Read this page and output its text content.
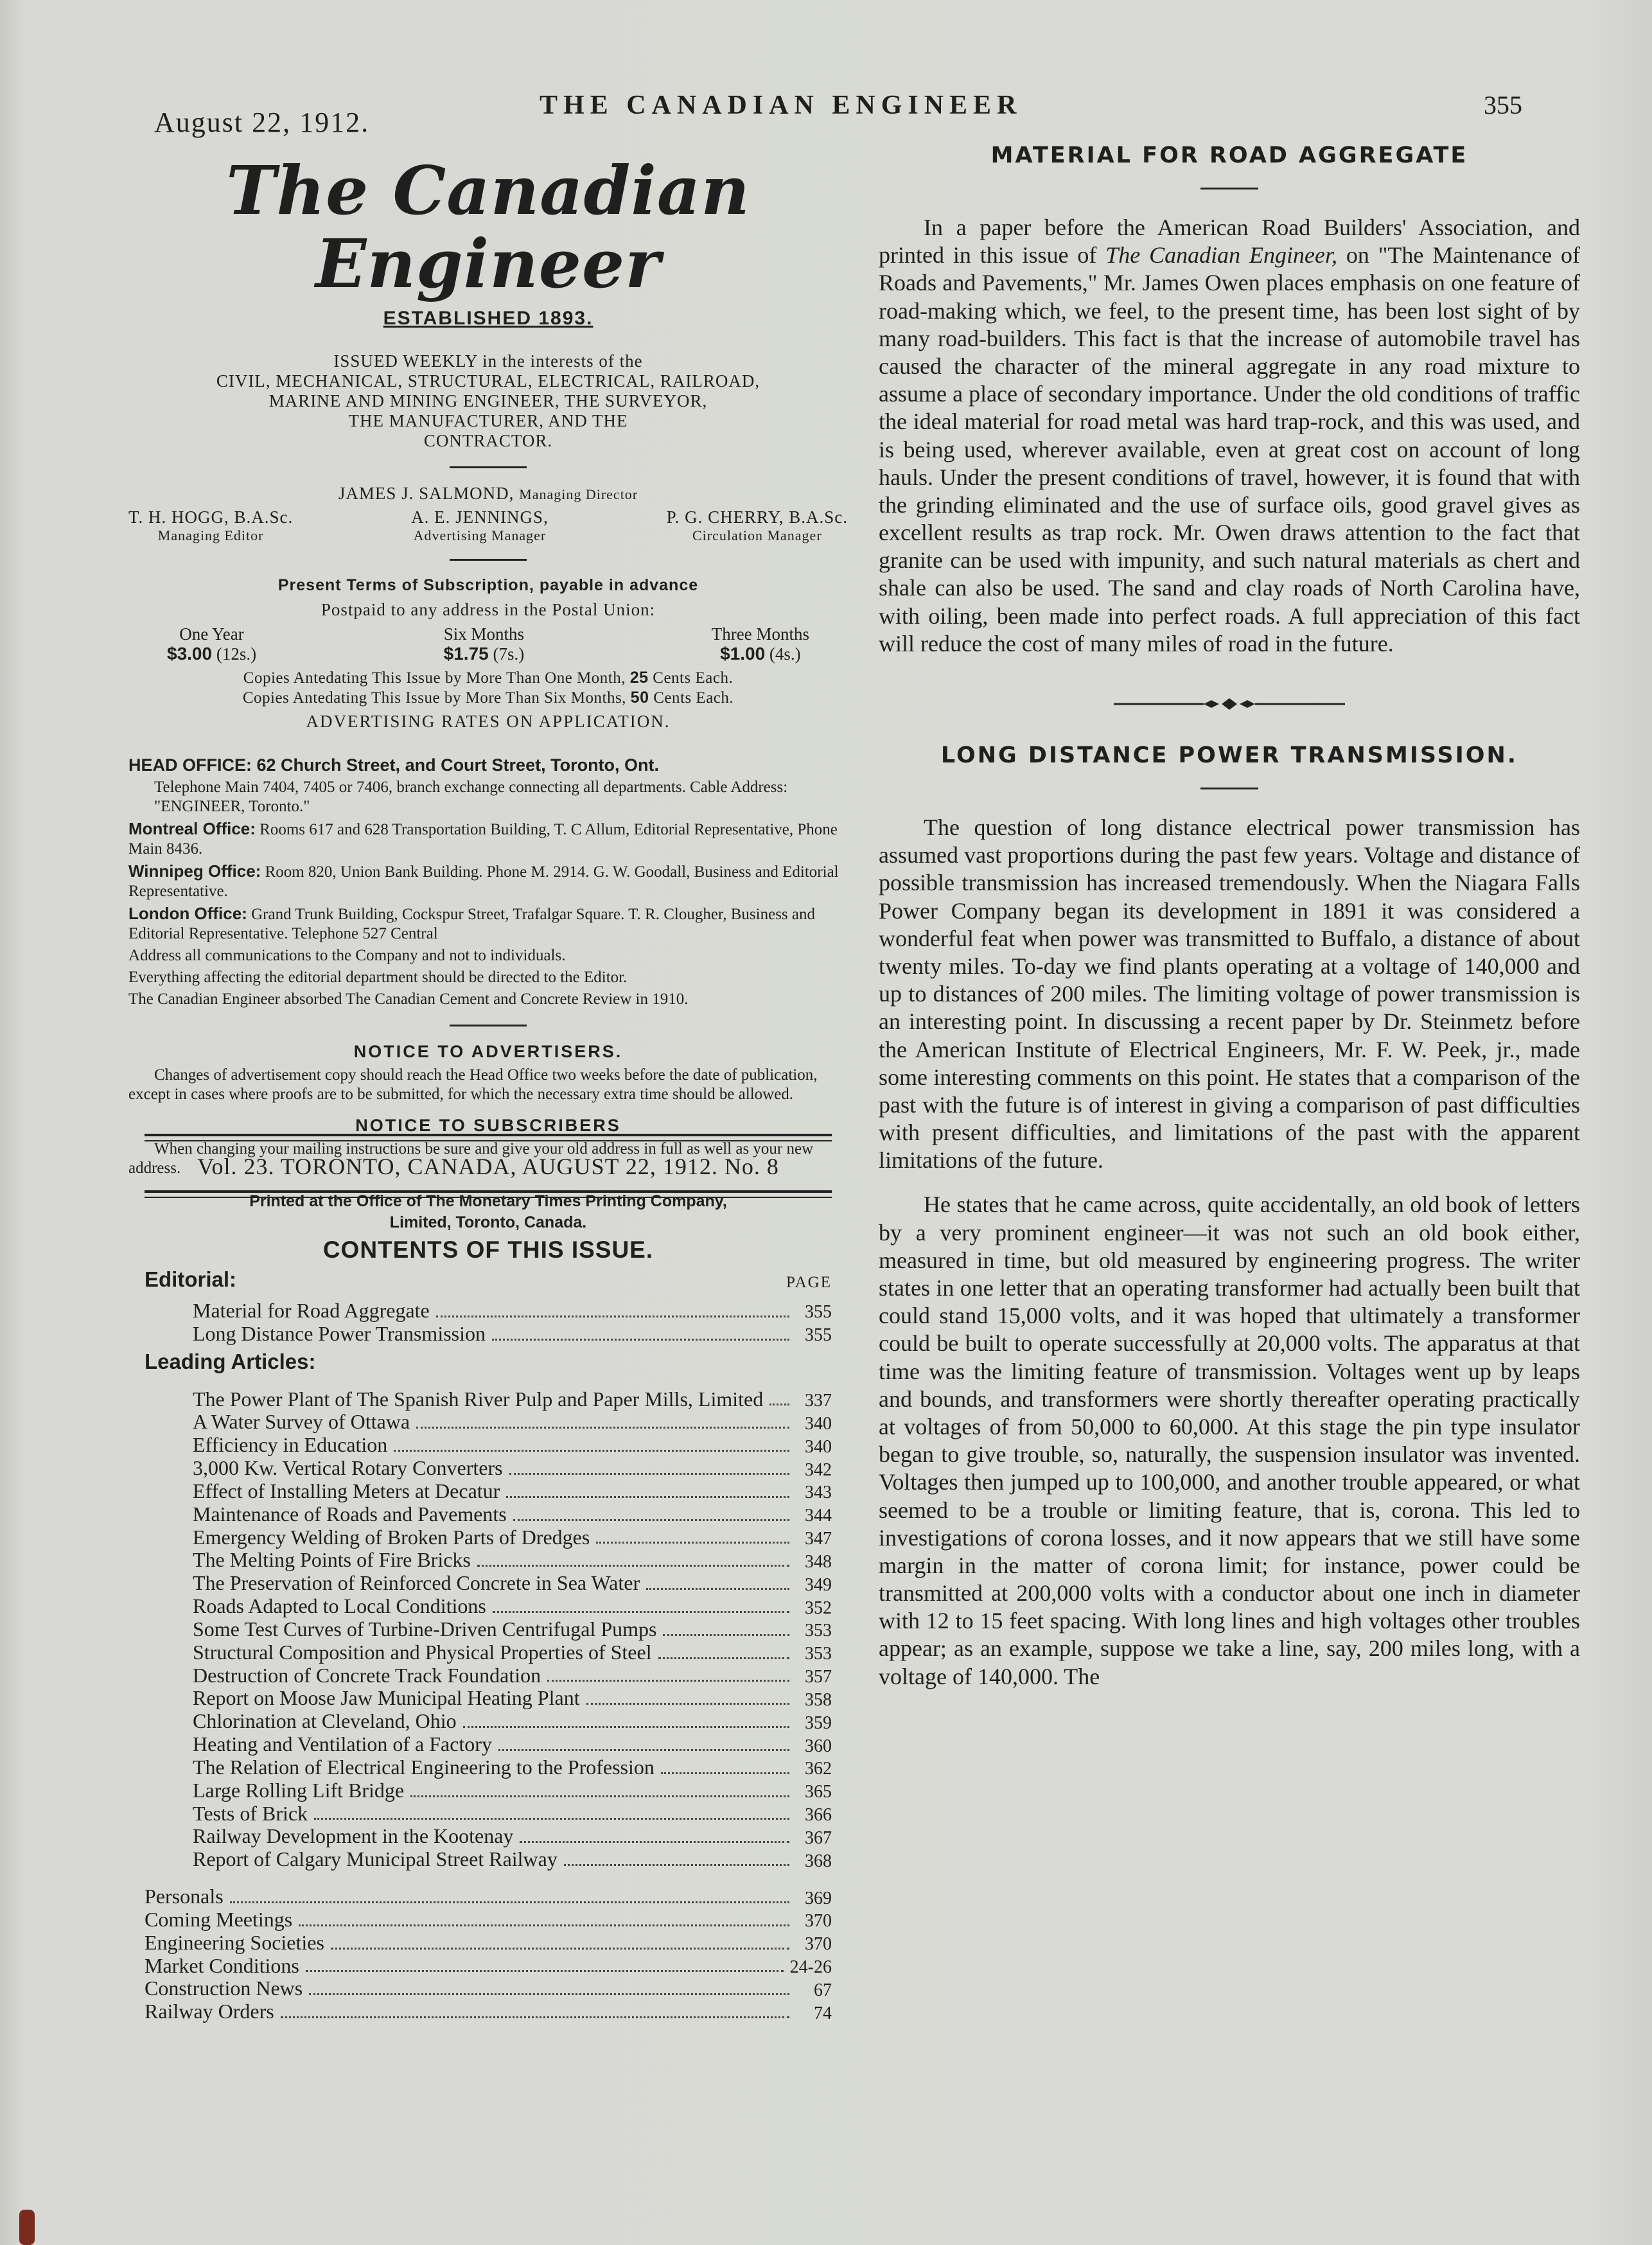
August 22, 1912.
THE CANADIAN ENGINEER	355
The Canadian Engineer
ESTABLISHED 1893.
ISSUED WEEKLY in the interests of the
CIVIL, MECHANICAL, STRUCTURAL, ELECTRICAL, RAILROAD,
MARINE AND MINING ENGINEER, THE SURVEYOR,
THE MANUFACTURER, AND THE
CONTRACTOR.
JAMES J. SALMOND, Managing Director
T. H. HOGG, B.A.Sc.
Managing Editor
A. E. JENNINGS,
Advertising Manager
P. G. CHERRY, B.A.Sc.
Circulation Manager
Present Terms of Subscription, payable in advance
Postpaid to any address in the Postal Union:
One Year
$3.00 (12s.)
Six Months
$1.75 (7s.)
Three Months
$1.00 (4s.)
Copies Antedating This Issue by More Than One Month, 25 Cents Each.
Copies Antedating This Issue by More Than Six Months, 50 Cents Each.
ADVERTISING RATES ON APPLICATION.

HEAD OFFICE: 62 Church Street, and Court Street, Toronto, Ont.

Telephone Main 7404, 7405 or 7406, branch exchange connecting all departments. Cable Address: "ENGINEER, Toronto."

Montreal Office: Rooms 617 and 628 Transportation Building, T. C Allum, Editorial Representative, Phone Main 8436.

Winnipeg Office: Room 820, Union Bank Building. Phone M. 2914. G. W. Goodall, Business and Editorial Representative.

London Office: Grand Trunk Building, Cockspur Street, Trafalgar Square. T. R. Clougher, Business and Editorial Representative. Telephone 527 Central

Address all communications to the Company and not to individuals.

Everything affecting the editorial department should be directed to the Editor.

The Canadian Engineer absorbed The Canadian Cement and Concrete Review in 1910.

NOTICE TO ADVERTISERS.

Changes of advertisement copy should reach the Head Office two weeks before the date of publication, except in cases where proofs are to be submitted, for which the necessary extra time should be allowed.

NOTICE TO SUBSCRIBERS

When changing your mailing instructions be sure and give your old address in full as well as your new address.

Printed at the Office of The Monetary Times Printing Company,
Limited, Toronto, Canada.
Vol. 23. TORONTO, CANADA, AUGUST 22, 1912. No. 8
CONTENTS OF THIS ISSUE.
Editorial:	PAGE
Material for Road Aggregate	355
Long Distance Power Transmission	355
Leading Articles:
The Power Plant of The Spanish River Pulp and Paper Mills, Limited	337
A Water Survey of Ottawa	340
Efficiency in Education	340
3,000 Kw. Vertical Rotary Converters	342
Effect of Installing Meters at Decatur	343
Maintenance of Roads and Pavements	344
Emergency Welding of Broken Parts of Dredges	347
The Melting Points of Fire Bricks	348
The Preservation of Reinforced Concrete in Sea Water	349
Roads Adapted to Local Conditions	352
Some Test Curves of Turbine-Driven Centrifugal Pumps	353
Structural Composition and Physical Properties of Steel	353
Destruction of Concrete Track Foundation	357
Report on Moose Jaw Municipal Heating Plant	358
Chlorination at Cleveland, Ohio	359
Heating and Ventilation of a Factory	360
The Relation of Electrical Engineering to the Profession	362
Large Rolling Lift Bridge	365
Tests of Brick	366
Railway Development in the Kootenay	367
Report of Calgary Municipal Street Railway	368
Personals	369
Coming Meetings	370
Engineering Societies	370
Market Conditions	24-26
Construction News	67
Railway Orders	74
MATERIAL FOR ROAD AGGREGATE

In a paper before the American Road Builders' Association, and printed in this issue of The Canadian Engineer, on "The Maintenance of Roads and Pavements," Mr. James Owen places emphasis on one feature of road-making which, we feel, to the present time, has been lost sight of by many road-builders. This fact is that the increase of automobile travel has caused the character of the mineral aggregate in any road mixture to assume a place of secondary importance. Under the old conditions of traffic the ideal material for road metal was hard trap-rock, and this was used, and is being used, wherever available, even at great cost on account of long hauls. Under the present conditions of travel, however, it is found that with the grinding eliminated and the use of surface oils, good gravel gives as excellent results as trap rock. Mr. Owen draws attention to the fact that granite can be used with impunity, and such natural materials as chert and shale can also be used. The sand and clay roads of North Carolina have, with oiling, been made into perfect roads. A full appreciation of this fact will reduce the cost of many miles of road in the future.

LONG DISTANCE POWER TRANSMISSION.

The question of long distance electrical power transmission has assumed vast proportions during the past few years. Voltage and distance of possible transmission has increased tremendously. When the Niagara Falls Power Company began its development in 1891 it was considered a wonderful feat when power was transmitted to Buffalo, a distance of about twenty miles. To-day we find plants operating at a voltage of 140,000 and up to distances of 200 miles. The limiting voltage of power transmission is an interesting point. In discussing a recent paper by Dr. Steinmetz before the American Institute of Electrical Engineers, Mr. F. W. Peek, jr., made some interesting comments on this point. He states that a comparison of the past with the future is of interest in giving a comparison of past difficulties with present difficulties, and limitations of the past with the apparent limitations of the future.

He states that he came across, quite accidentally, an old book of letters by a very prominent engineer—it was not such an old book either, measured in time, but old measured by engineering progress. The writer states in one letter that an operating transformer had actually been built that could stand 15,000 volts, and it was hoped that ultimately a transformer could be built to operate successfully at 20,000 volts. The apparatus at that time was the limiting feature of transmission. Voltages went up by leaps and bounds, and transformers were shortly thereafter operating practically at voltages of from 50,000 to 60,000. At this stage the pin type insulator began to give trouble, so, naturally, the suspension insulator was invented. Voltages then jumped up to 100,000, and another trouble appeared, or what seemed to be a trouble or limiting feature, that is, corona. This led to investigations of corona losses, and it now appears that we still have some margin in the matter of corona limit; for instance, power could be transmitted at 200,000 volts with a conductor about one inch in diameter with 12 to 15 feet spacing. With long lines and high voltages other troubles appear; as an example, suppose we take a line, say, 200 miles long, with a voltage of 140,000. The
